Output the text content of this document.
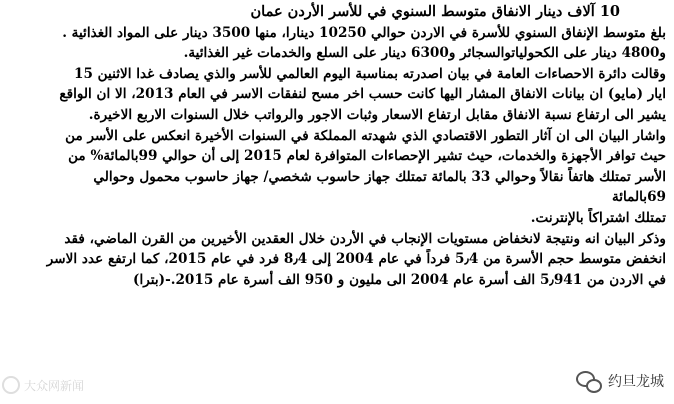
10 آلاف دينار الانفاق متوسط السنوي في للأسر الأردن عمان
بلغ متوسط الإنفاق السنوي للأسرة في الاردن حوالي 10250 دينارا، منها 3500 دينار على المواد الغذائية .
و4800 دينار على الكحولياتوالسجائر و6300 دينار على السلع والخدمات غير الغذائية.
وقالت دائرة الاحصاءات العامة في بيان اصدرته بمناسبة اليوم العالمي للأسر والذي يصادف غدا الاثنين 15
ايار (مايو) ان بيانات الانفاق المشار اليها كانت حسب اخر مسح لنفقات الاسر في العام 2013، الا ان الواقع
يشير الى ارتفاع نسبة الانفاق مقابل ارتفاع الاسعار وثبات الاجور والرواتب خلال السنوات الاربع الاخيرة.
واشار البيان الى ان آثار التطور الاقتصادي الذي شهدته المملكة في السنوات الأخيرة انعكس على الأسر من
حيث توافر الأجهزة والخدمات، حيث تشير الإحصاءات المتوافرة لعام 2015 إلى أن حوالي 99بالمائة% من
الأسر تمتلك هاتفاً نقالاً وحوالي 33 بالمائة تمتلك جهاز حاسوب شخصي/ جهاز حاسوب محمول وحوالي
69بالمائة
تمتلك اشتراكاً بالإنترنت.
وذكر البيان انه ونتيجة لانخفاض مستويات الإنجاب في الأردن خلال العقدين الأخيرين من القرن الماضي، فقد
انخفض متوسط حجم الأسرة من 5٫4 فرداً في عام 2004 إلى 8٫4 فرد في عام 2015، كما ارتفع عدد الاسر
في الاردن من 5٫941 الف أسرة عام 2004 الى مليون و 950 الف أسرة عام 2015.-(بترا)
大众网新闻	约旦龙城
